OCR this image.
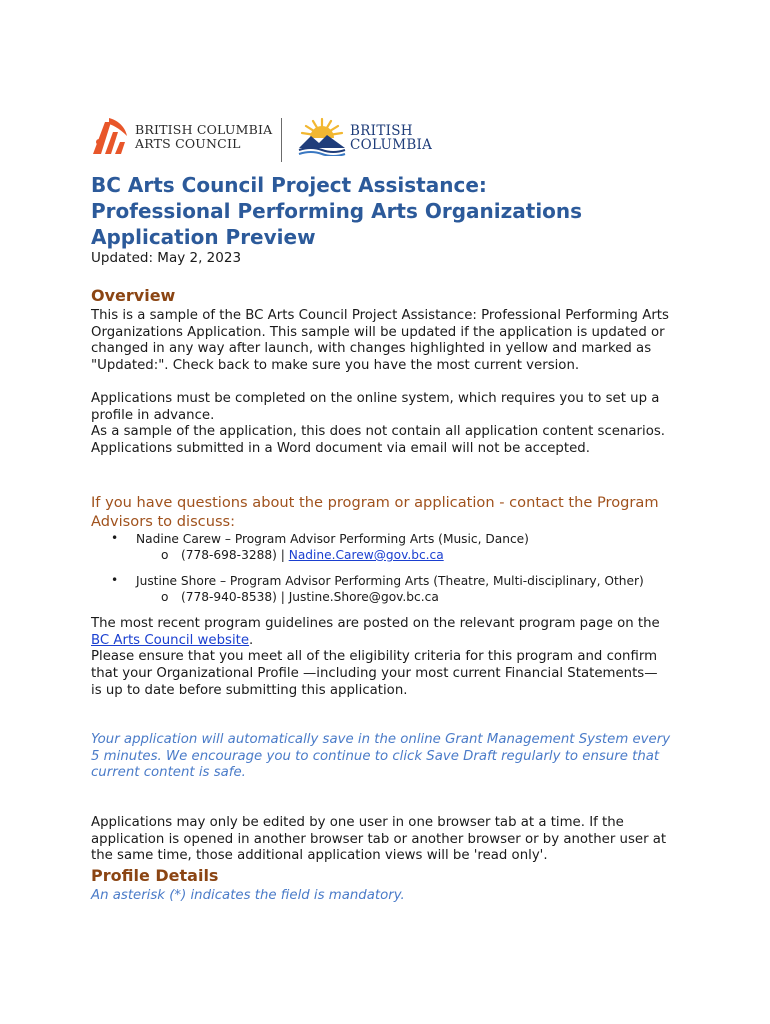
BRITISH COLUMBIA
ARTS COUNCIL
BRITISH
COLUMBIA
BC Arts Council Project Assistance:
Professional Performing Arts Organizations
Application Preview

Updated: May 2, 2023

Overview

This is a sample of the BC Arts Council Project Assistance: Professional Performing Arts Organizations Application. This sample will be updated if the application is updated or changed in any way after launch, with changes highlighted in yellow and marked as "Updated:". Check back to make sure you have the most current version.

Applications must be completed on the online system, which requires you to set up a profile in advance.
As a sample of the application, this does not contain all application content scenarios.
Applications submitted in a Word document via email will not be accepted.

If you have questions about the program or application - contact the Program Advisors to discuss:

• Nadine Carew – Program Advisor Performing Arts (Music, Dance)
o (778-698-3288) | Nadine.Carew@gov.bc.ca
• Justine Shore – Program Advisor Performing Arts (Theatre, Multi-disciplinary, Other)
o (778-940-8538) | Justine.Shore@gov.bc.ca
The most recent program guidelines are posted on the relevant program page on the
BC Arts Council website.
Please ensure that you meet all of the eligibility criteria for this program and confirm that your Organizational Profile —including your most current Financial Statements— is up to date before submitting this application.
Your application will automatically save in the online Grant Management System every
5 minutes. We encourage you to continue to click Save Draft regularly to ensure that current content is safe.

Applications may only be edited by one user in one browser tab at a time. If the application is opened in another browser tab or another browser or by another user at the same time, those additional application views will be 'read only'.

Profile Details

An asterisk (*) indicates the field is mandatory.
